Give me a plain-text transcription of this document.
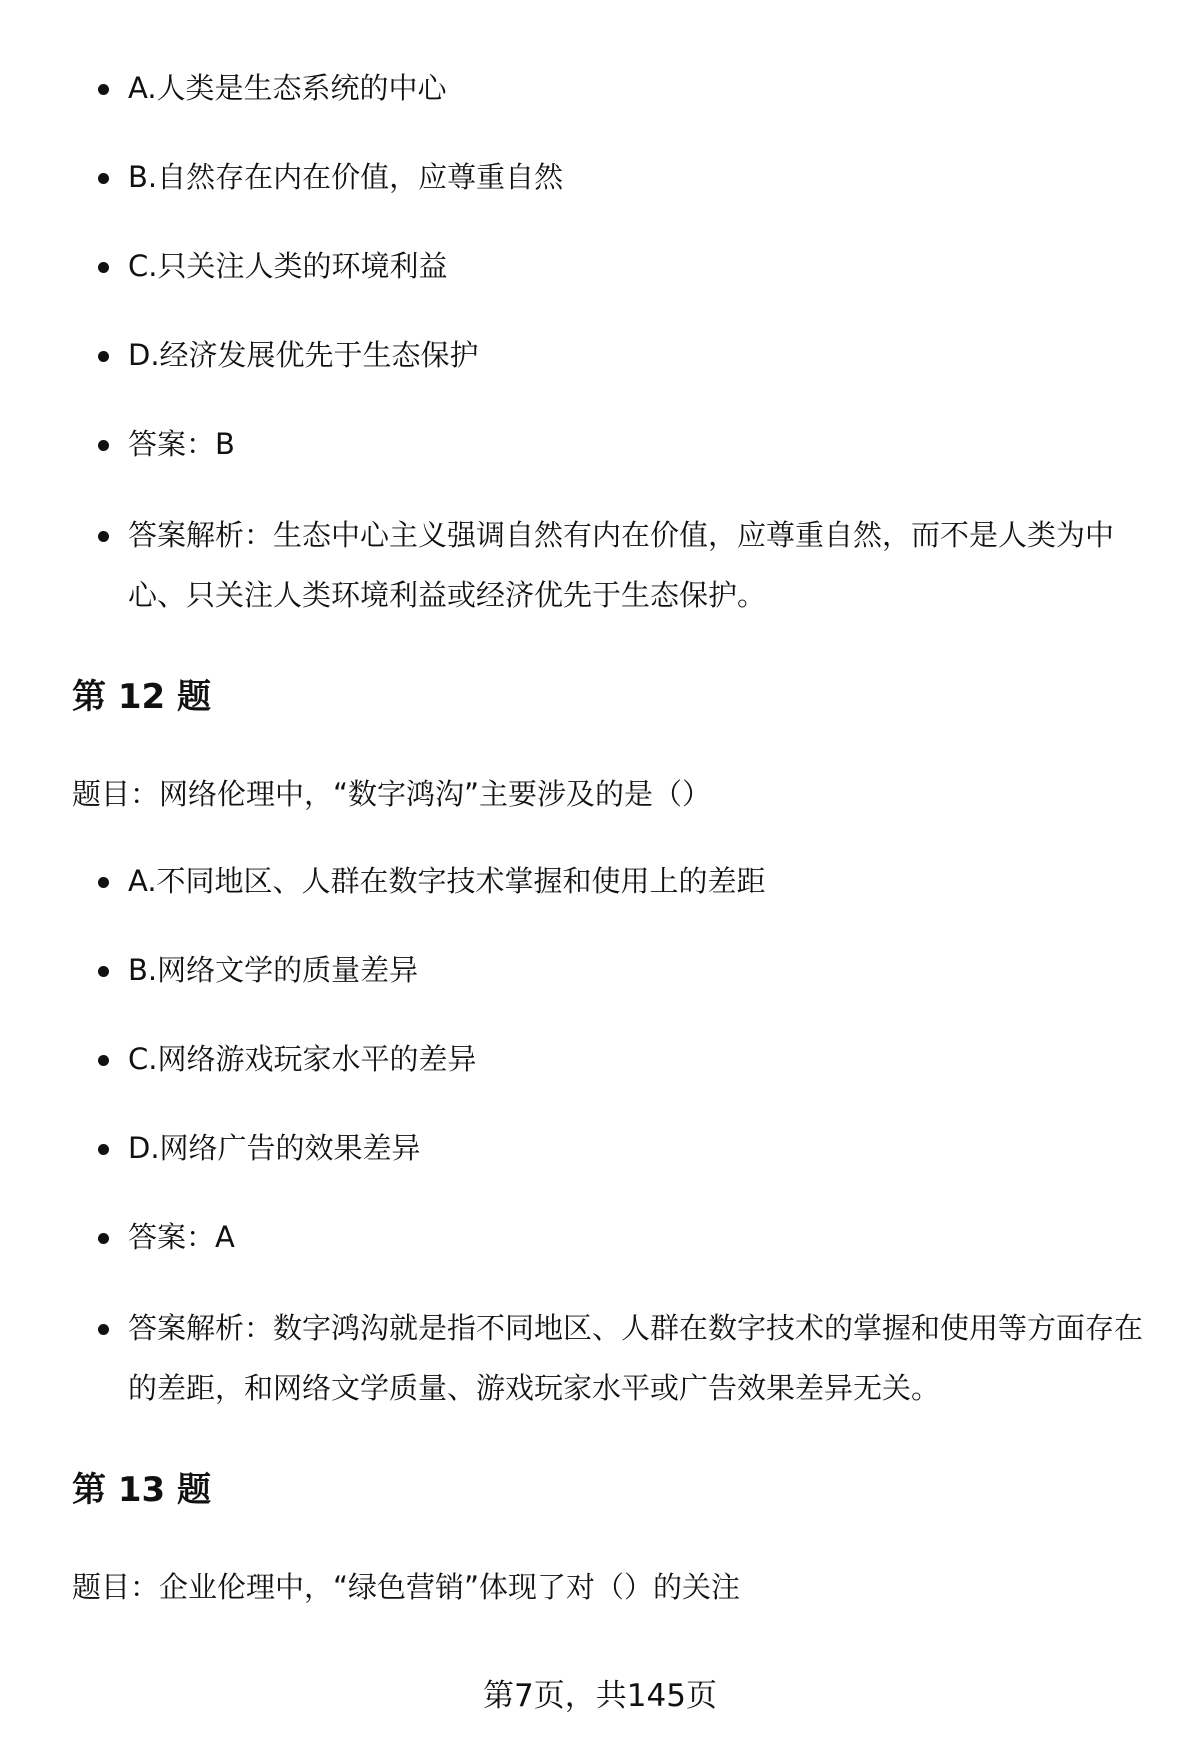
A.人类是生态系统的中心
B.自然存在内在价值，应尊重自然
C.只关注人类的环境利益
D.经济发展优先于生态保护
答案：B
答案解析：生态中心主义强调自然有内在价值，应尊重自然，而不是人类为中心、只关注人类环境利益或经济优先于生态保护。
第 12 题

题目：网络伦理中，“数字鸿沟”主要涉及的是（）

A.不同地区、人群在数字技术掌握和使用上的差距
B.网络文学的质量差异
C.网络游戏玩家水平的差异
D.网络广告的效果差异
答案：A
答案解析：数字鸿沟就是指不同地区、人群在数字技术的掌握和使用等方面存在的差距，和网络文学质量、游戏玩家水平或广告效果差异无关。
第 13 题

题目：企业伦理中，“绿色营销”体现了对（）的关注

第7页，共145页
